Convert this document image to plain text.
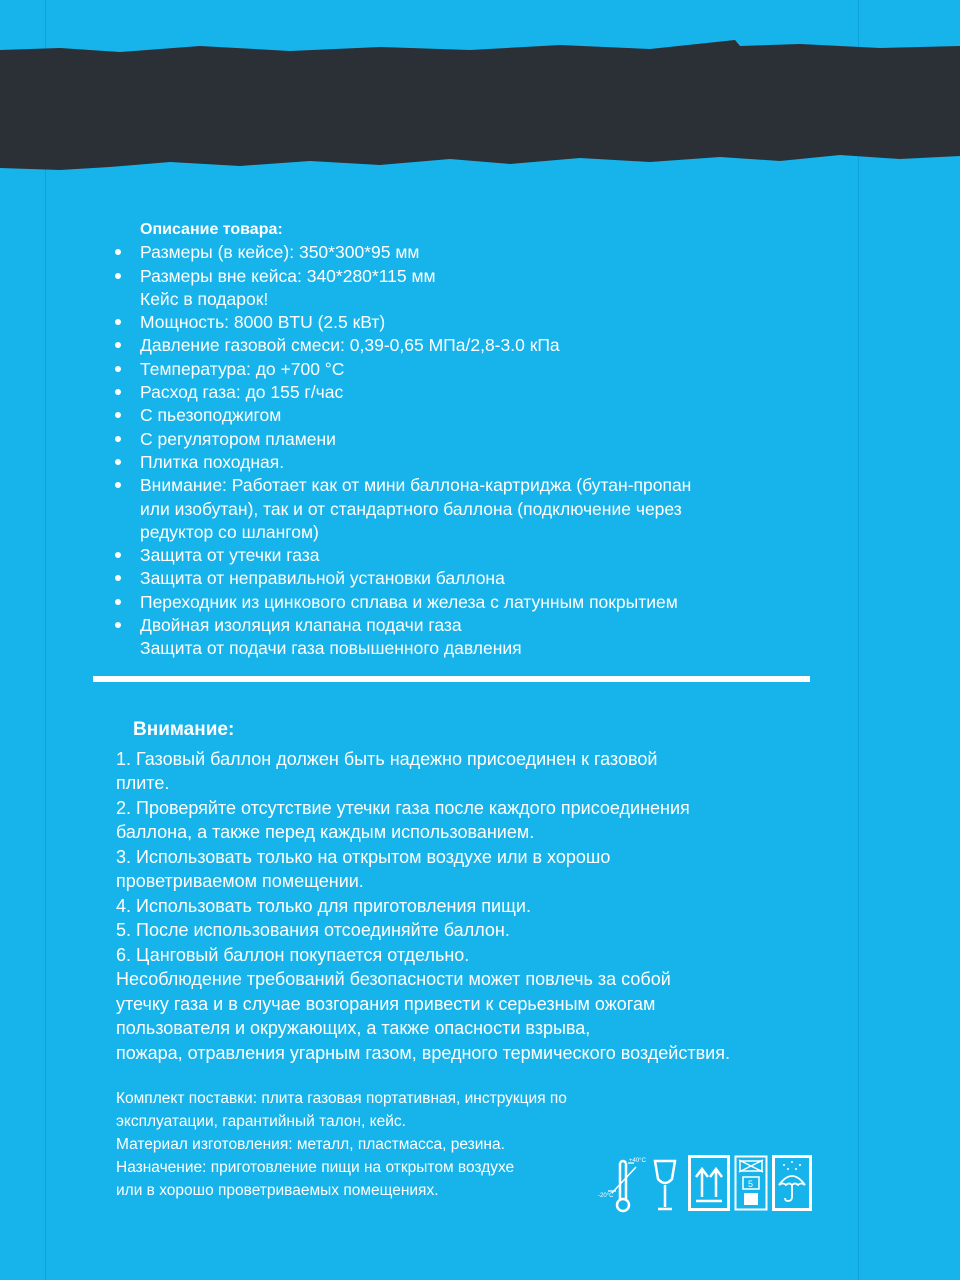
Описание товара:
Размеры (в кейсе): 350*300*95 мм
Размеры вне кейса: 340*280*115 мм
Кейс в подарок!
Мощность: 8000 BTU (2.5 кВт)
Давление газовой смеси: 0,39-0,65 МПа/2,8-3.0 кПа
Температура: до +700 °С
Расход газа: до 155 г/час
С пьезоподжигом
С регулятором пламени
Плитка походная.
Внимание: Работает как от мини баллона-картриджа (бутан-пропан
или изобутан), так и от стандартного баллона (подключение через
редуктор со шлангом)
Защита от утечки газа
Защита от неправильной установки баллона
Переходник из цинкового сплава и железа с латунным покрытием
Двойная изоляция клапана подачи газа
Защита от подачи газа повышенного давления
Внимание:

1. Газовый баллон должен быть надежно присоединен к газовой

плите.

2. Проверяйте отсутствие утечки газа после каждого присоединения

баллона, а также перед каждым использованием.

3. Использовать только на открытом воздухе или в хорошо

проветриваемом помещении.

4. Использовать только для приготовления пищи.

5. После использования отсоединяйте баллон.

6. Цанговый баллон покупается отдельно.

Несоблюдение требований безопасности может повлечь за собой

утечку газа и в случае возгорания привести к серьезным ожогам

пользователя и окружающих, а также опасности взрыва,

пожара, отравления угарным газом, вредного термического воздействия.

Комплект поставки: плита газовая портативная, инструкция по

эксплуатации, гарантийный талон, кейс.

Материал изготовления: металл, пластмасса, резина.

Назначение: приготовление пищи на открытом воздухе

или в хорошо проветриваемых помещениях.

+40°C
-20°C
5
